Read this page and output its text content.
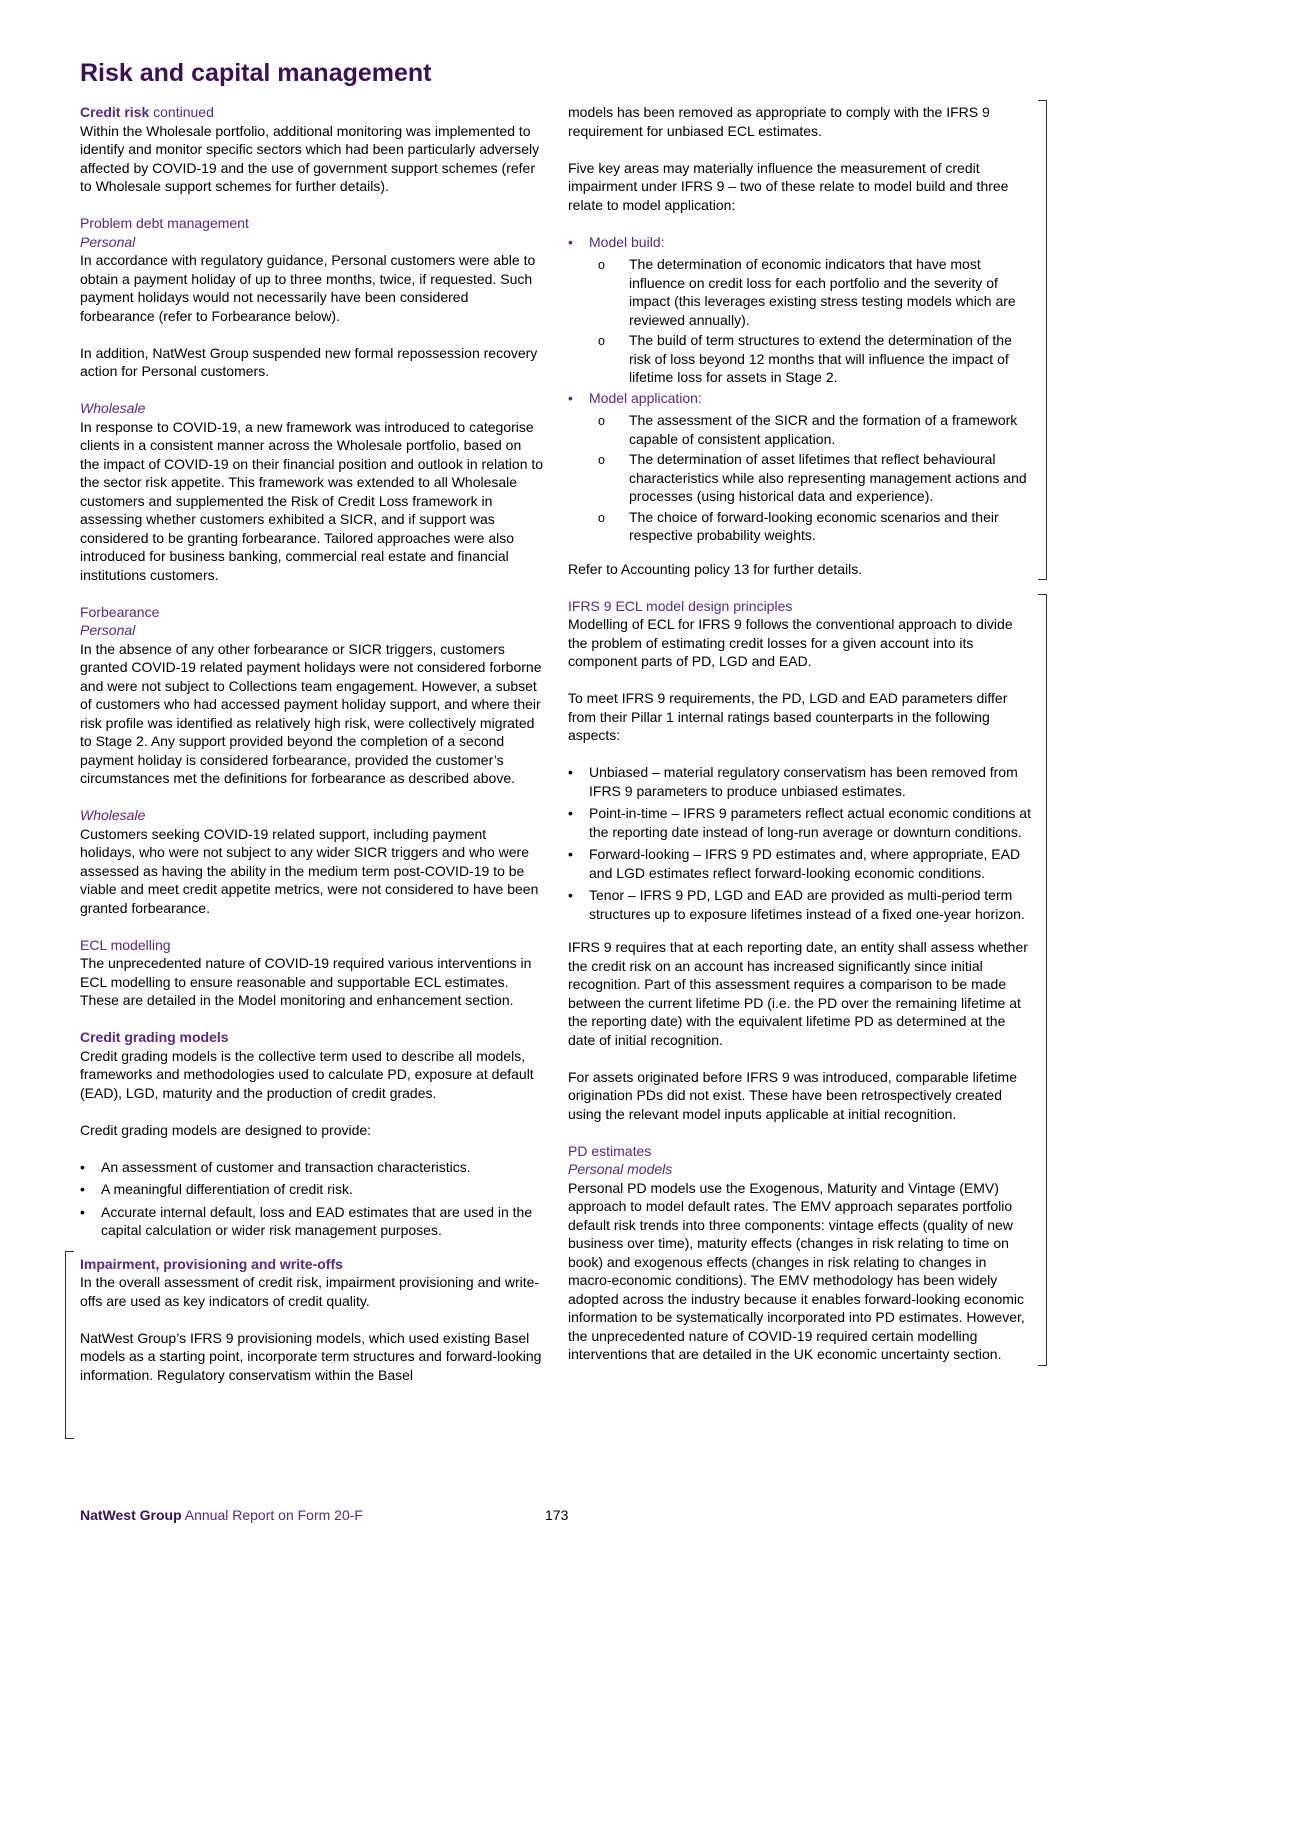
Risk and capital management

Credit risk continued

Within the Wholesale portfolio, additional monitoring was implemented to identify and monitor specific sectors which had been particularly adversely affected by COVID-19 and the use of government support schemes (refer to Wholesale support schemes for further details).

Problem debt management

Personal

In accordance with regulatory guidance, Personal customers were able to obtain a payment holiday of up to three months, twice, if requested. Such payment holidays would not necessarily have been considered forbearance (refer to Forbearance below).

In addition, NatWest Group suspended new formal repossession recovery action for Personal customers.

Wholesale

In response to COVID-19, a new framework was introduced to categorise clients in a consistent manner across the Wholesale portfolio, based on the impact of COVID-19 on their financial position and outlook in relation to the sector risk appetite. This framework was extended to all Wholesale customers and supplemented the Risk of Credit Loss framework in assessing whether customers exhibited a SICR, and if support was considered to be granting forbearance. Tailored approaches were also introduced for business banking, commercial real estate and financial institutions customers.

Forbearance

Personal

In the absence of any other forbearance or SICR triggers, customers granted COVID-19 related payment holidays were not considered forborne and were not subject to Collections team engagement. However, a subset of customers who had accessed payment holiday support, and where their risk profile was identified as relatively high risk, were collectively migrated to Stage 2. Any support provided beyond the completion of a second payment holiday is considered forbearance, provided the customer’s circumstances met the definitions for forbearance as described above.

Wholesale

Customers seeking COVID-19 related support, including payment holidays, who were not subject to any wider SICR triggers and who were assessed as having the ability in the medium term post-COVID-19 to be viable and meet credit appetite metrics, were not considered to have been granted forbearance.

ECL modelling

The unprecedented nature of COVID-19 required various interventions in ECL modelling to ensure reasonable and supportable ECL estimates. These are detailed in the Model monitoring and enhancement section.

Credit grading models

Credit grading models is the collective term used to describe all models, frameworks and methodologies used to calculate PD, exposure at default (EAD), LGD, maturity and the production of credit grades.

Credit grading models are designed to provide:

•
An assessment of customer and transaction characteristics.
•
A meaningful differentiation of credit risk.
•
Accurate internal default, loss and EAD estimates that are used in the capital calculation or wider risk management purposes.

Impairment, provisioning and write-offs

In the overall assessment of credit risk, impairment provisioning and write-offs are used as key indicators of credit quality.

NatWest Group’s IFRS 9 provisioning models, which used existing Basel models as a starting point, incorporate term structures and forward-looking information. Regulatory conservatism within the Basel

models has been removed as appropriate to comply with the IFRS 9 requirement for unbiased ECL estimates.

Five key areas may materially influence the measurement of credit impairment under IFRS 9 – two of these relate to model build and three relate to model application:

•
Model build:
o
The determination of economic indicators that have most influence on credit loss for each portfolio and the severity of impact (this leverages existing stress testing models which are reviewed annually).
o
The build of term structures to extend the determination of the risk of loss beyond 12 months that will influence the impact of lifetime loss for assets in Stage 2.
•
Model application:
o
The assessment of the SICR and the formation of a framework capable of consistent application.
o
The determination of asset lifetimes that reflect behavioural characteristics while also representing management actions and processes (using historical data and experience).
o
The choice of forward-looking economic scenarios and their respective probability weights.

Refer to Accounting policy 13 for further details.

IFRS 9 ECL model design principles

Modelling of ECL for IFRS 9 follows the conventional approach to divide the problem of estimating credit losses for a given account into its component parts of PD, LGD and EAD.

To meet IFRS 9 requirements, the PD, LGD and EAD parameters differ from their Pillar 1 internal ratings based counterparts in the following aspects:

•
Unbiased – material regulatory conservatism has been removed from IFRS 9 parameters to produce unbiased estimates.
•
Point-in-time – IFRS 9 parameters reflect actual economic conditions at the reporting date instead of long-run average or downturn conditions.
•
Forward-looking – IFRS 9 PD estimates and, where appropriate, EAD and LGD estimates reflect forward-looking economic conditions.
•
Tenor – IFRS 9 PD, LGD and EAD are provided as multi-period term structures up to exposure lifetimes instead of a fixed one-year horizon.

IFRS 9 requires that at each reporting date, an entity shall assess whether the credit risk on an account has increased significantly since initial recognition. Part of this assessment requires a comparison to be made between the current lifetime PD (i.e. the PD over the remaining lifetime at the reporting date) with the equivalent lifetime PD as determined at the date of initial recognition.

For assets originated before IFRS 9 was introduced, comparable lifetime origination PDs did not exist. These have been retrospectively created using the relevant model inputs applicable at initial recognition.

PD estimates

Personal models

Personal PD models use the Exogenous, Maturity and Vintage (EMV) approach to model default rates. The EMV approach separates portfolio default risk trends into three components: vintage effects (quality of new business over time), maturity effects (changes in risk relating to time on book) and exogenous effects (changes in risk relating to changes in macro-economic conditions). The EMV methodology has been widely adopted across the industry because it enables forward-looking economic information to be systematically incorporated into PD estimates. However, the unprecedented nature of COVID-19 required certain modelling interventions that are detailed in the UK economic uncertainty section.

NatWest Group Annual Report on Form 20-F	173
